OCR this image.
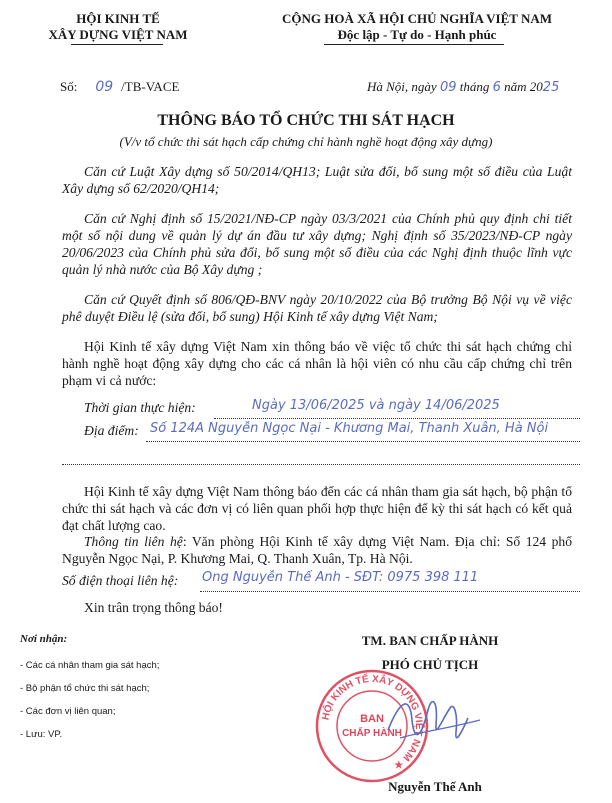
HỘI KINH TẾ
XÂY DỰNG VIỆT NAM
CỘNG HOÀ XÃ HỘI CHỦ NGHĨA VIỆT NAM
Độc lập - Tự do - Hạnh phúc
Số: 09 /TB-VACE	Hà Nội, ngày 09 tháng 6 năm 2025
THÔNG BÁO TỔ CHỨC THI SÁT HẠCH
(V/v tổ chức thi sát hạch cấp chứng chỉ hành nghề hoạt động xây dựng)
Căn cứ Luật Xây dựng số 50/2014/QH13; Luật sửa đổi, bổ sung một số điều của Luật Xây dựng số 62/2020/QH14;
Căn cứ Nghị định số 15/2021/NĐ-CP ngày 03/3/2021 của Chính phủ quy định chi tiết một số nội dung về quản lý dự án đầu tư xây dựng; Nghị định số 35/2023/NĐ-CP ngày 20/06/2023 của Chính phủ sửa đổi, bổ sung một số điều của các Nghị định thuộc lĩnh vực quản lý nhà nước của Bộ Xây dựng ;
Căn cứ Quyết định số 806/QĐ-BNV ngày 20/10/2022 của Bộ trưởng Bộ Nội vụ về việc phê duyệt Điều lệ (sửa đổi, bổ sung) Hội Kinh tế xây dựng Việt Nam;
Hội Kinh tế xây dựng Việt Nam xin thông báo về việc tổ chức thi sát hạch chứng chỉ hành nghề hoạt động xây dựng cho các cá nhân là hội viên có nhu cầu cấp chứng chỉ trên phạm vi cả nước:
Thời gian thực hiện:	Ngày 13/06/2025 và ngày 14/06/2025
Địa điểm: Số 124A Nguyễn Ngọc Nại - Khương Mai, Thanh Xuân, Hà Nội
Hội Kinh tế xây dựng Việt Nam thông báo đến các cá nhân tham gia sát hạch, bộ phận tổ chức thi sát hạch và các đơn vị có liên quan phối hợp thực hiện để kỳ thi sát hạch có kết quả đạt chất lượng cao.
Thông tin liên hệ: Văn phòng Hội Kinh tế xây dựng Việt Nam. Địa chỉ: Số 124 phố Nguyễn Ngọc Nại, P. Khương Mai, Q. Thanh Xuân, Tp. Hà Nội.
Số điện thoại liên hệ: Ông Nguyễn Thế Anh - SĐT: 0975 398 111
Xin trân trọng thông báo!
Nơi nhận:
- Các cá nhân tham gia sát hạch;
- Bộ phận tổ chức thi sát hạch;
- Các đơn vị liên quan;
- Lưu: VP.
TM. BAN CHẤP HÀNH
PHÓ CHỦ TỊCH
HỘI KINH TẾ XÂY DỰNG VIỆT NAM ★
BAN
CHẤP HÀNH
Nguyễn Thế Anh
